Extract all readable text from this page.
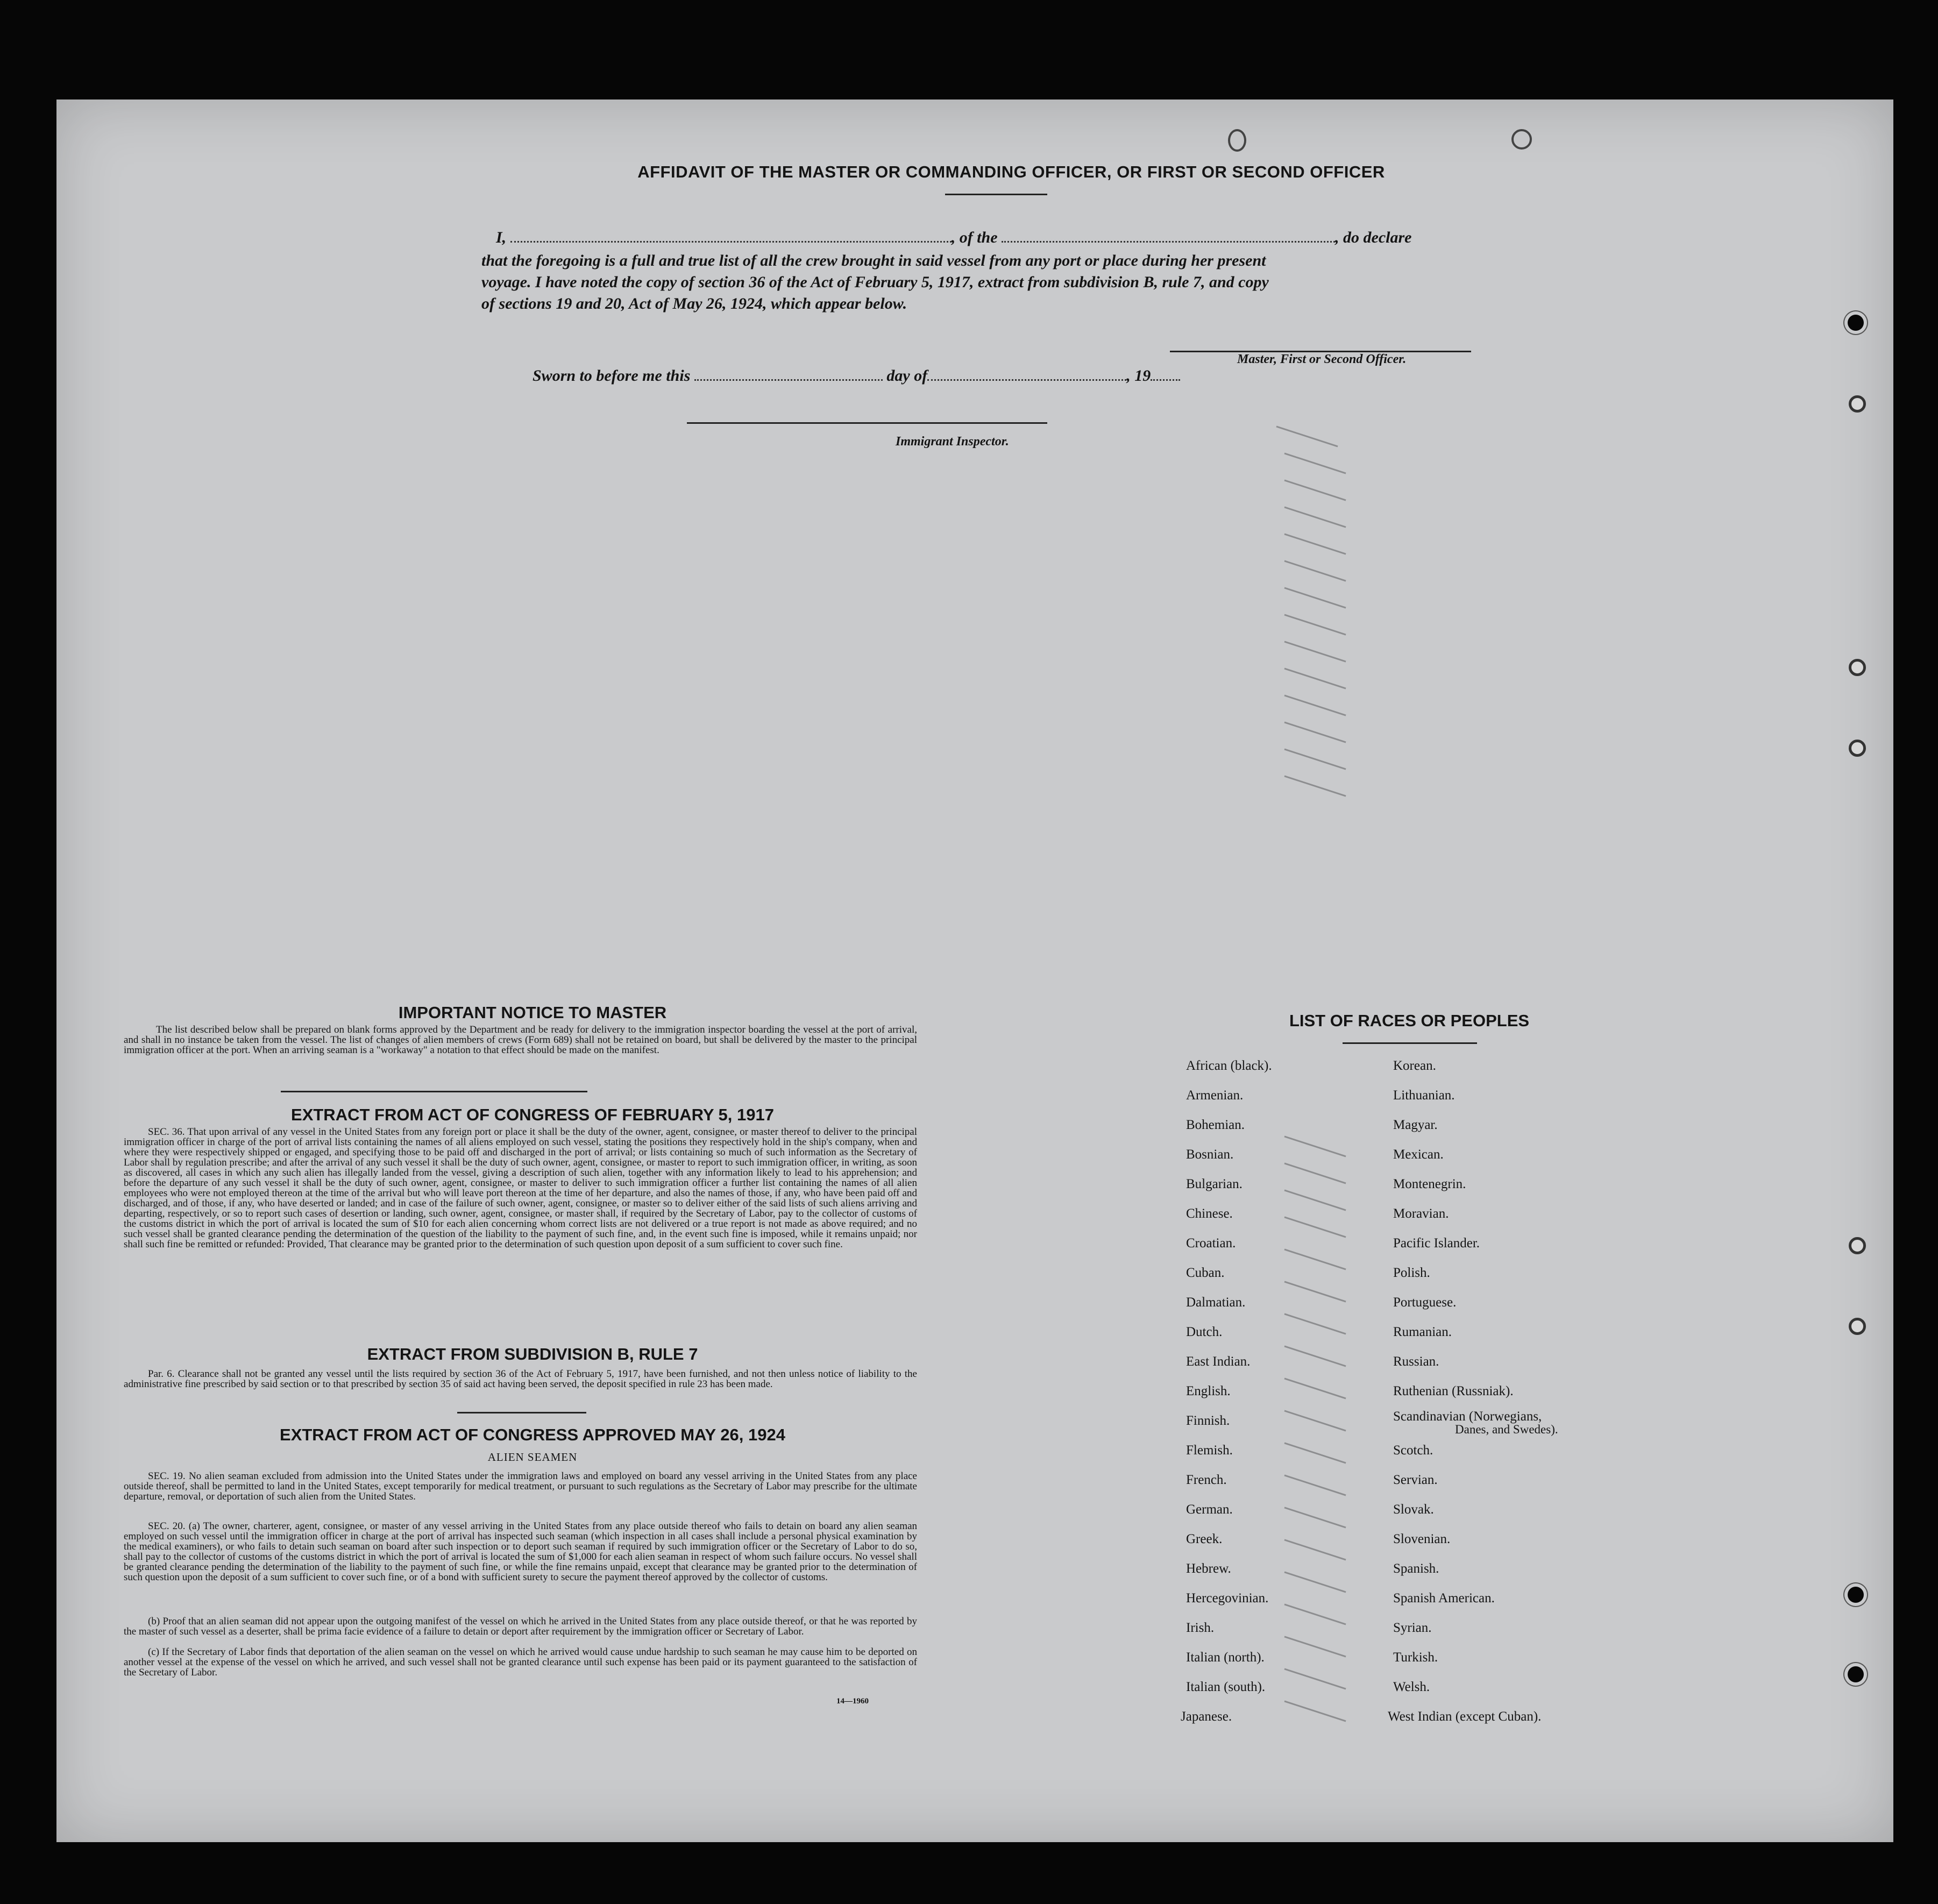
AFFIDAVIT OF THE MASTER OR COMMANDING OFFICER, OR FIRST OR SECOND OFFICER
I,	, of the	, do declare
that the foregoing is a full and true list of all the crew brought in said vessel from any port or place during her present
voyage. I have noted the copy of section 36 of the Act of February 5, 1917, extract from subdivision B, rule 7, and copy
of sections 19 and 20, Act of May 26, 1924, which appear below.
Master, First or Second Officer.
Sworn to before me this	day of	, 19
Immigrant Inspector.
IMPORTANT NOTICE TO MASTER
The list described below shall be prepared on blank forms approved by the Department and be ready for delivery to the immigration inspector boarding the vessel at the port of arrival, and shall in no instance be taken from the vessel. The list of changes of alien members of crews (Form 689) shall not be retained on board, but shall be delivered by the master to the principal immigration officer at the port. When an arriving seaman is a "workaway" a notation to that effect should be made on the manifest.
EXTRACT FROM ACT OF CONGRESS OF FEBRUARY 5, 1917
SEC. 36. That upon arrival of any vessel in the United States from any foreign port or place it shall be the duty of the owner, agent, consignee, or master thereof to deliver to the principal immigration officer in charge of the port of arrival lists containing the names of all aliens employed on such vessel, stating the positions they respectively hold in the ship's company, when and where they were respectively shipped or engaged, and specifying those to be paid off and discharged in the port of arrival; or lists containing so much of such information as the Secretary of Labor shall by regulation prescribe; and after the arrival of any such vessel it shall be the duty of such owner, agent, consignee, or master to report to such immigration officer, in writing, as soon as discovered, all cases in which any such alien has illegally landed from the vessel, giving a description of such alien, together with any information likely to lead to his apprehension; and before the departure of any such vessel it shall be the duty of such owner, agent, consignee, or master to deliver to such immigration officer a further list containing the names of all alien employees who were not employed thereon at the time of the arrival but who will leave port thereon at the time of her departure, and also the names of those, if any, who have been paid off and discharged, and of those, if any, who have deserted or landed; and in case of the failure of such owner, agent, consignee, or master so to deliver either of the said lists of such aliens arriving and departing, respectively, or so to report such cases of desertion or landing, such owner, agent, consignee, or master shall, if required by the Secretary of Labor, pay to the collector of customs of the customs district in which the port of arrival is located the sum of $10 for each alien concerning whom correct lists are not delivered or a true report is not made as above required; and no such vessel shall be granted clearance pending the determination of the question of the liability to the payment of such fine, and, in the event such fine is imposed, while it remains unpaid; nor shall such fine be remitted or refunded: Provided, That clearance may be granted prior to the determination of such question upon deposit of a sum sufficient to cover such fine.
EXTRACT FROM SUBDIVISION B, RULE 7
Par. 6. Clearance shall not be granted any vessel until the lists required by section 36 of the Act of February 5, 1917, have been furnished, and not then unless notice of liability to the administrative fine prescribed by said section or to that prescribed by section 35 of said act having been served, the deposit specified in rule 23 has been made.
EXTRACT FROM ACT OF CONGRESS APPROVED MAY 26, 1924
ALIEN SEAMEN
SEC. 19. No alien seaman excluded from admission into the United States under the immigration laws and employed on board any vessel arriving in the United States from any place outside thereof, shall be permitted to land in the United States, except temporarily for medical treatment, or pursuant to such regulations as the Secretary of Labor may prescribe for the ultimate departure, removal, or deportation of such alien from the United States.
SEC. 20. (a) The owner, charterer, agent, consignee, or master of any vessel arriving in the United States from any place outside thereof who fails to detain on board any alien seaman employed on such vessel until the immigration officer in charge at the port of arrival has inspected such seaman (which inspection in all cases shall include a personal physical examination by the medical examiners), or who fails to detain such seaman on board after such inspection or to deport such seaman if required by such immigration officer or the Secretary of Labor to do so, shall pay to the collector of customs of the customs district in which the port of arrival is located the sum of $1,000 for each alien seaman in respect of whom such failure occurs. No vessel shall be granted clearance pending the determination of the liability to the payment of such fine, or while the fine remains unpaid, except that clearance may be granted prior to the determination of such question upon the deposit of a sum sufficient to cover such fine, or of a bond with sufficient surety to secure the payment thereof approved by the collector of customs.
(b) Proof that an alien seaman did not appear upon the outgoing manifest of the vessel on which he arrived in the United States from any place outside thereof, or that he was reported by the master of such vessel as a deserter, shall be prima facie evidence of a failure to detain or deport after requirement by the immigration officer or Secretary of Labor.
(c) If the Secretary of Labor finds that deportation of the alien seaman on the vessel on which he arrived would cause undue hardship to such seaman he may cause him to be deported on another vessel at the expense of the vessel on which he arrived, and such vessel shall not be granted clearance until such expense has been paid or its payment guaranteed to the satisfaction of the Secretary of Labor.
14—1960
LIST OF RACES OR PEOPLES
African (black).
Armenian.
Bohemian.
Bosnian.
Bulgarian.
Chinese.
Croatian.
Cuban.
Dalmatian.
Dutch.
East Indian.
English.
Finnish.
Flemish.
French.
German.
Greek.
Hebrew.
Hercegovinian.
Irish.
Italian (north).
Italian (south).
Japanese.
Korean.
Lithuanian.
Magyar.
Mexican.
Montenegrin.
Moravian.
Pacific Islander.
Polish.
Portuguese.
Rumanian.
Russian.
Ruthenian (Russniak).
Scandinavian (Norwegians,
Danes, and Swedes).
Scotch.
Servian.
Slovak.
Slovenian.
Spanish.
Spanish American.
Syrian.
Turkish.
Welsh.
West Indian (except Cuban).
